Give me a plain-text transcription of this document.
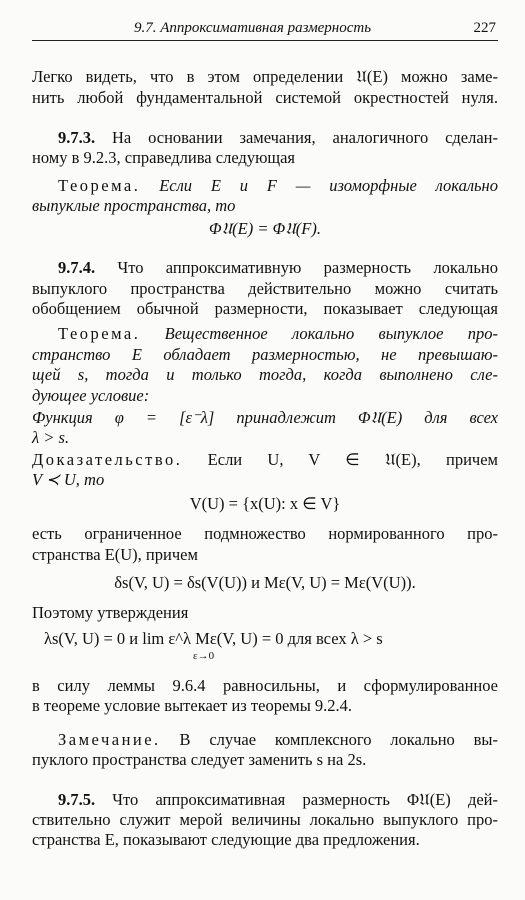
9.7. Аппроксимативная размерность	227
Легко видеть, что в этом определении 𝔘(E) можно заме-
нить любой фундаментальной системой окрестностей нуля.
9.7.3. На основании замечания, аналогичного сделан-
ному в 9.2.3, справедлива следующая
Теорема. Если E и F — изоморфные локально
выпуклые пространства, то
Φ𝔘(E) = Φ𝔘(F).
9.7.4. Что аппроксимативную размерность локально
выпуклого пространства действительно можно считать
обобщением обычной размерности, показывает следующая
Теорема. Вещественное локально выпуклое про-
странство E обладает размерностью, не превышаю-
щей s, тогда и только тогда, когда выполнено сле-
дующее условие:
Функция φ = [ε⁻λ] принадлежит Φ𝔘(E) для всех
λ > s.
Доказательство. Если U, V ∈ 𝔘(E), причем
V ≺ U, то
V(U) = {x(U): x ∈ V}
есть ограниченное подмножество нормированного про-
странства E(U), причем
δs(V, U) = δs(V(U)) и Mε(V, U) = Mε(V(U)).
Поэтому утверждения
λs(V, U) = 0 и lim ε^λ Mε(V, U) = 0 для всех λ > s
ε→0
в силу леммы 9.6.4 равносильны, и сформулированное
в теореме условие вытекает из теоремы 9.2.4.
Замечание. В случае комплексного локально вы-
пуклого пространства следует заменить s на 2s.
9.7.5. Что аппроксимативная размерность Φ𝔘(E) дей-
ствительно служит мерой величины локально выпуклого про-
странства E, показывают следующие два предложения.
